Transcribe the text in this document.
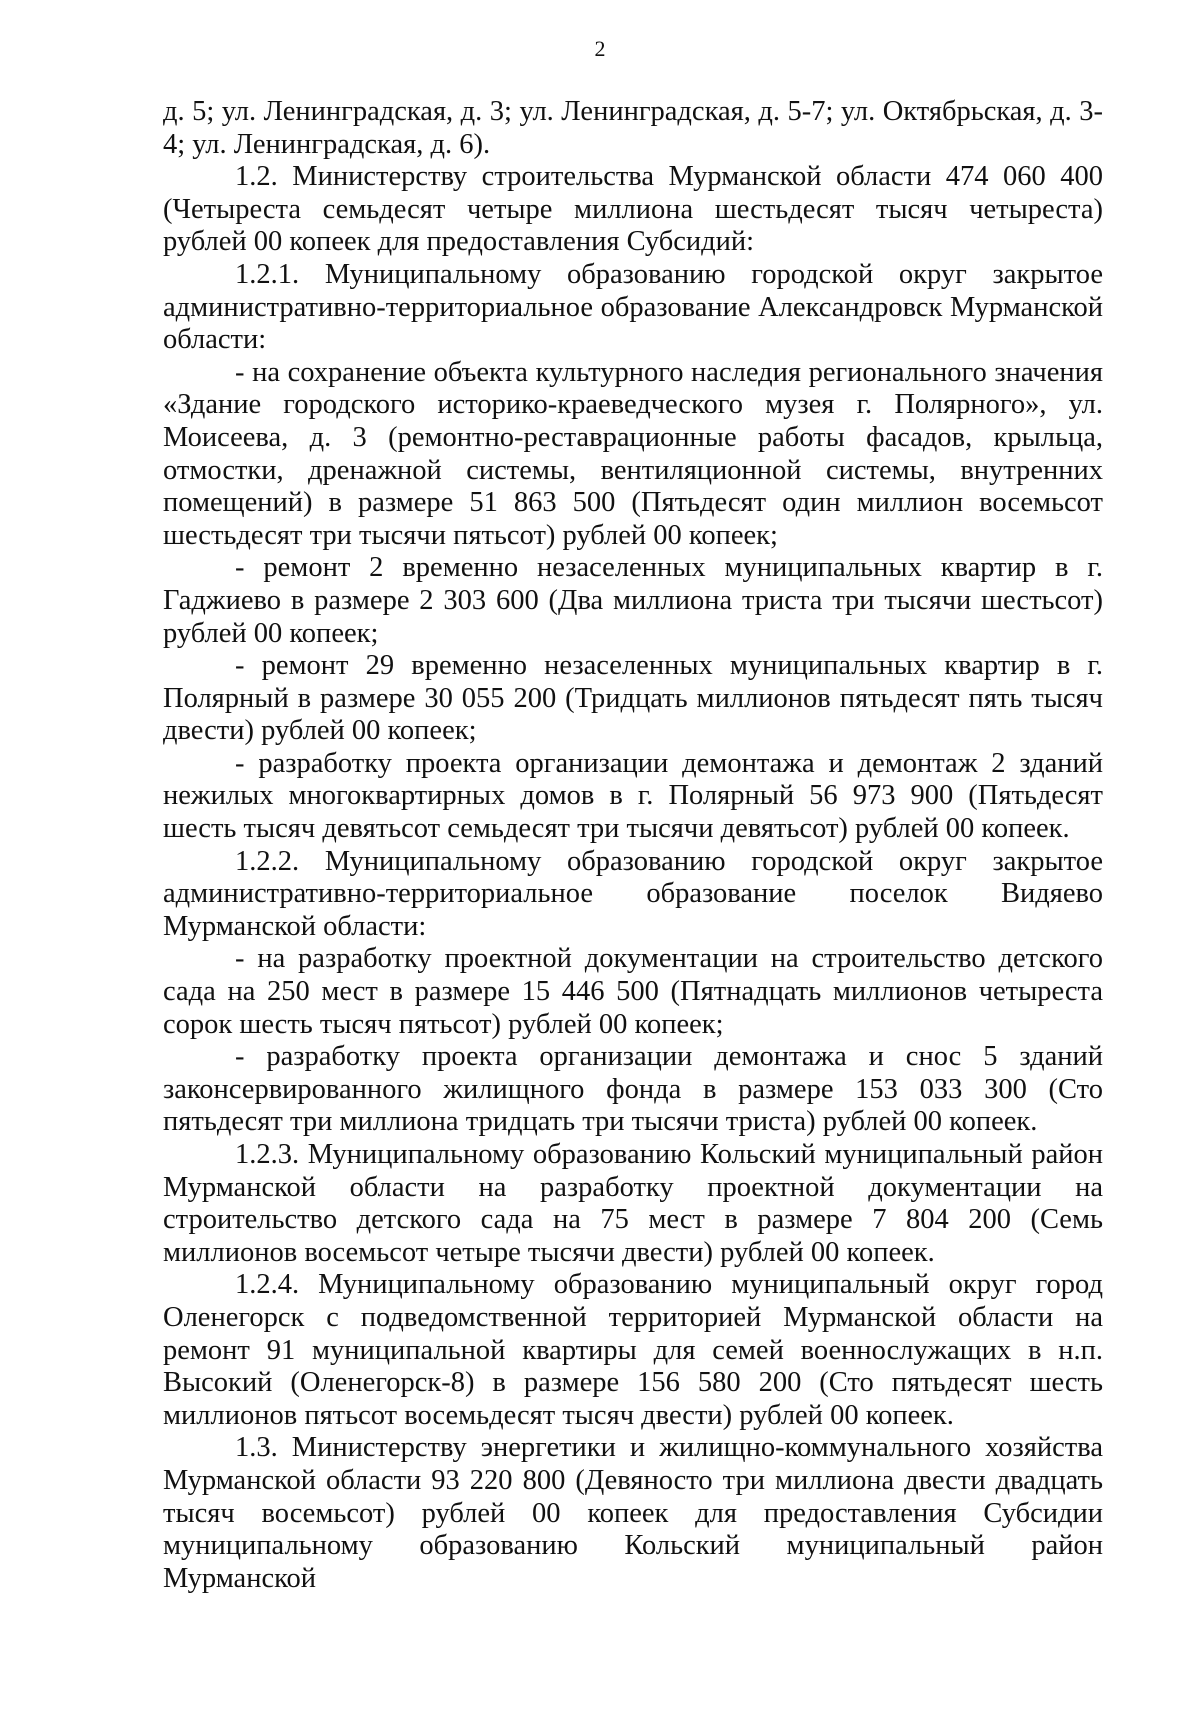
2

д. 5; ул. Ленинградская, д. 3; ул. Ленинградская, д. 5-7; ул. Октябрьская, д. 3-4; ул. Ленинградская, д. 6).

1.2. Министерству строительства Мурманской области 474 060 400 (Четыреста семьдесят четыре миллиона шестьдесят тысяч четыреста) рублей 00 копеек для предоставления Субсидий:

1.2.1. Муниципальному образованию городской округ закрытое административно-территориальное образование Александровск Мурманской области:

- на сохранение объекта культурного наследия регионального значения «Здание городского историко-краеведческого музея г. Полярного», ул. Моисеева, д. 3 (ремонтно-реставрационные работы фасадов, крыльца, отмостки, дренажной системы, вентиляционной системы, внутренних помещений) в размере 51 863 500 (Пятьдесят один миллион восемьсот шестьдесят три тысячи пятьсот) рублей 00 копеек;

- ремонт 2 временно незаселенных муниципальных квартир в г. Гаджиево в размере 2 303 600 (Два миллиона триста три тысячи шестьсот) рублей 00 копеек;

- ремонт 29 временно незаселенных муниципальных квартир в г. Полярный в размере 30 055 200 (Тридцать миллионов пятьдесят пять тысяч двести) рублей 00 копеек;

- разработку проекта организации демонтажа и демонтаж 2 зданий нежилых многоквартирных домов в г. Полярный 56 973 900 (Пятьдесят шесть тысяч девятьсот семьдесят три тысячи девятьсот) рублей 00 копеек.

1.2.2. Муниципальному образованию городской округ закрытое административно-территориальное образование поселок Видяево Мурманской области:

- на разработку проектной документации на строительство детского сада на 250 мест в размере 15 446 500 (Пятнадцать миллионов четыреста сорок шесть тысяч пятьсот) рублей 00 копеек;

- разработку проекта организации демонтажа и снос 5 зданий законсервированного жилищного фонда в размере 153 033 300 (Сто пятьдесят три миллиона тридцать три тысячи триста) рублей 00 копеек.

1.2.3. Муниципальному образованию Кольский муниципальный район Мурманской области на разработку проектной документации на строительство детского сада на 75 мест в размере 7 804 200 (Семь миллионов восемьсот четыре тысячи двести) рублей 00 копеек.

1.2.4. Муниципальному образованию муниципальный округ город Оленегорск с подведомственной территорией Мурманской области на ремонт 91 муниципальной квартиры для семей военнослужащих в н.п. Высокий (Оленегорск-8) в размере 156 580 200 (Сто пятьдесят шесть миллионов пятьсот восемьдесят тысяч двести) рублей 00 копеек.

1.3. Министерству энергетики и жилищно-коммунального хозяйства Мурманской области 93 220 800 (Девяносто три миллиона двести двадцать тысяч восемьсот) рублей 00 копеек для предоставления Субсидии муниципальному образованию Кольский муниципальный район Мурманской
